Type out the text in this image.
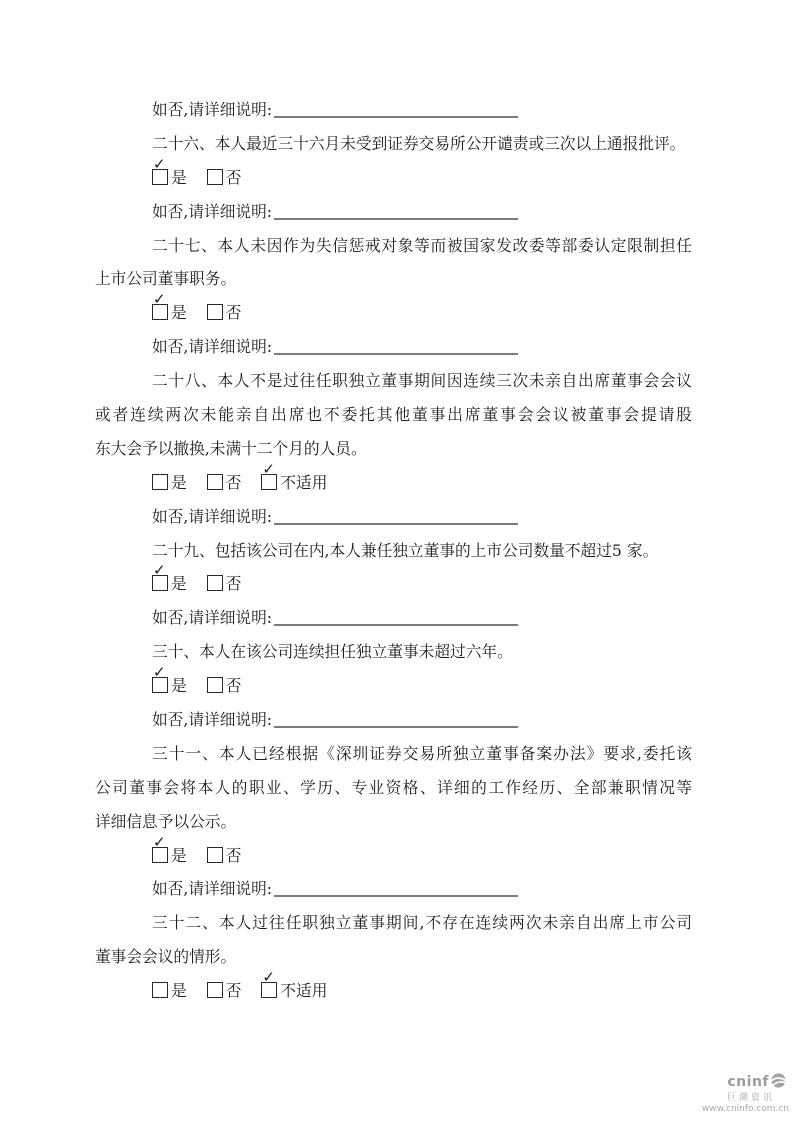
如否,请详细说明:
二十六、本人最近三十六月未受到证券交易所公开谴责或三次以上通报批评。
✓是 否
如否,请详细说明:
二十七、本人未因作为失信惩戒对象等而被国家发改委等部委认定限制担任
上市公司董事职务。
✓是 否
如否,请详细说明:
二十八、本人不是过往任职独立董事期间因连续三次未亲自出席董事会会议
或者连续两次未能亲自出席也不委托其他董事出席董事会会议被董事会提请股
东大会予以撤换,未满十二个月的人员。
是 否 ✓ 不适用
如否,请详细说明:
二十九、包括该公司在内,本人兼任独立董事的上市公司数量不超过5 家。
✓是 否
如否,请详细说明:
三十、本人在该公司连续担任独立董事未超过六年。
✓是 否
如否,请详细说明:
三十一、本人已经根据《深圳证券交易所独立董事备案办法》要求,委托该
公司董事会将本人的职业、学历、专业资格、详细的工作经历、全部兼职情况等
详细信息予以公示。
✓是 否
如否,请详细说明:
三十二、本人过往任职独立董事期间,不存在连续两次未亲自出席上市公司
董事会会议的情形。
是 否 ✓ 不适用
cninf
巨潮资讯
www.cninfo.com.cn
